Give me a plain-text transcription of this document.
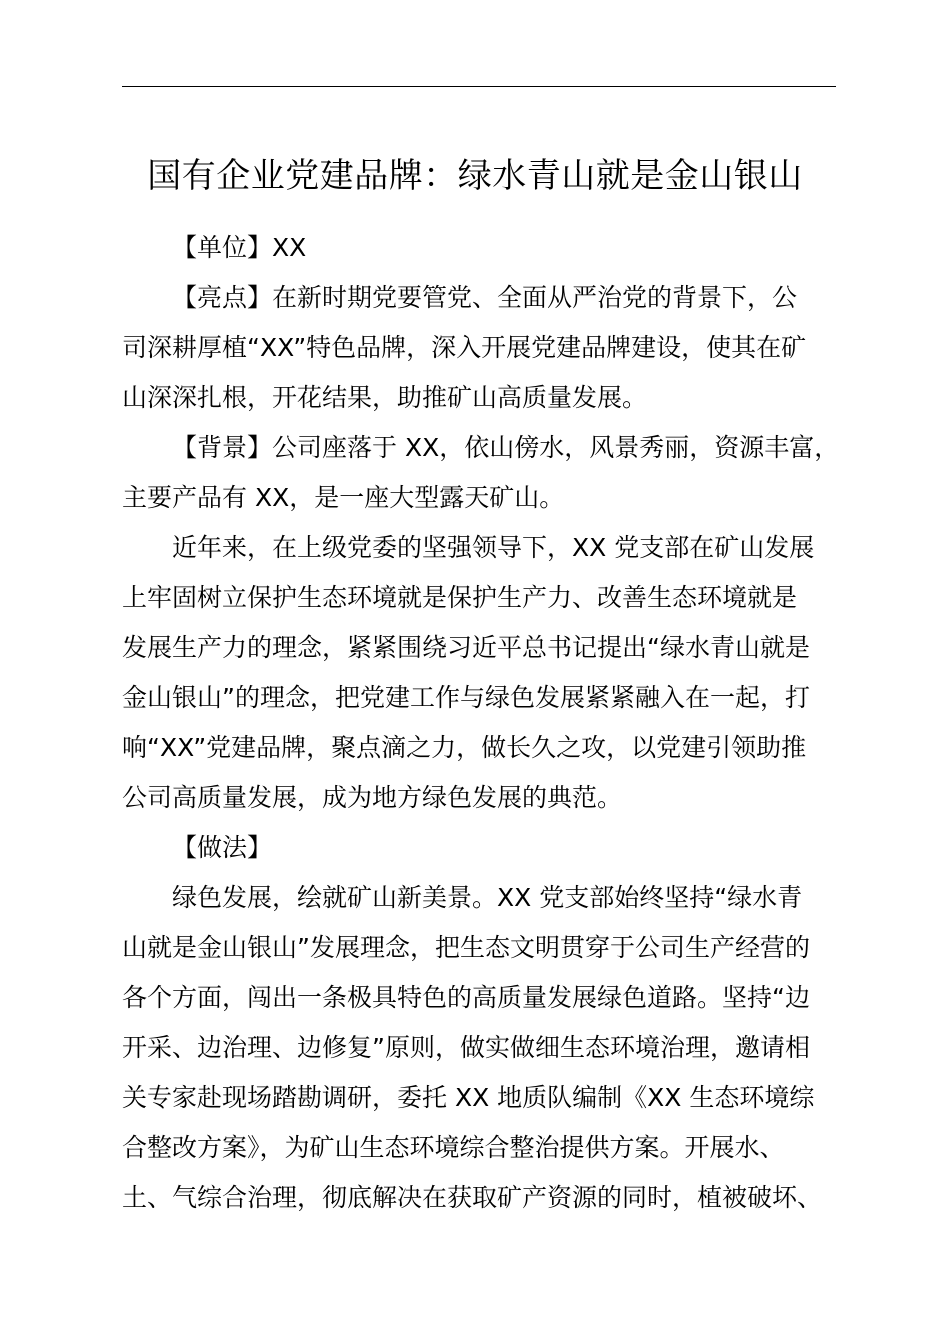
国有企业党建品牌：绿水青山就是金山银山
【单位】XX
【亮点】在新时期党要管党、全面从严治党的背景下，公
司深耕厚植“XX”特色品牌，深入开展党建品牌建设，使其在矿
山深深扎根，开花结果，助推矿山高质量发展。
【背景】公司座落于 XX，依山傍水，风景秀丽，资源丰富，
主要产品有 XX，是一座大型露天矿山。
近年来，在上级党委的坚强领导下，XX 党支部在矿山发展
上牢固树立保护生态环境就是保护生产力、改善生态环境就是
发展生产力的理念，紧紧围绕习近平总书记提出“绿水青山就是
金山银山”的理念，把党建工作与绿色发展紧紧融入在一起，打
响“XX”党建品牌，聚点滴之力，做长久之攻，以党建引领助推
公司高质量发展，成为地方绿色发展的典范。
【做法】
绿色发展，绘就矿山新美景。XX 党支部始终坚持“绿水青
山就是金山银山”发展理念，把生态文明贯穿于公司生产经营的
各个方面，闯出一条极具特色的高质量发展绿色道路。坚持“边
开采、边治理、边修复”原则，做实做细生态环境治理，邀请相
关专家赴现场踏勘调研，委托 XX 地质队编制《XX 生态环境综
合整改方案》，为矿山生态环境综合整治提供方案。开展水、
土、气综合治理，彻底解决在获取矿产资源的同时，植被破坏、
